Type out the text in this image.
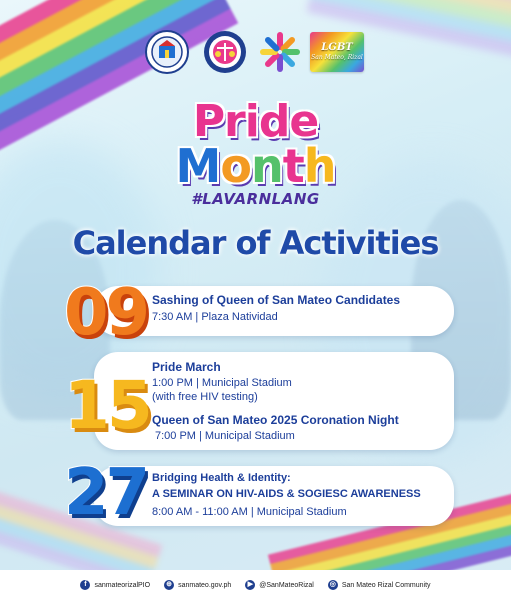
LGBT
San Mateo, Rizal
Pride
Month
#LAVARNLANG
Calendar of Activities
09 Sashing of Queen of San Mateo Candidates
7:30 AM | Plaza Natividad
15 Pride March
1:00 PM | Municipal Stadium
(with free HIV testing)
Queen of San Mateo 2025 Coronation Night
7:00 PM | Municipal Stadium
27 Bridging Health & Identity:
A SEMINAR ON HIV-AIDS & SOGIESC AWARENESS
8:00 AM - 11:00 AM | Municipal Stadium
f	sanmateorizalPIO ⊕ sanmateo.gov.ph	▶ @SanMateoRizal ◎ San Mateo Rizal Community
